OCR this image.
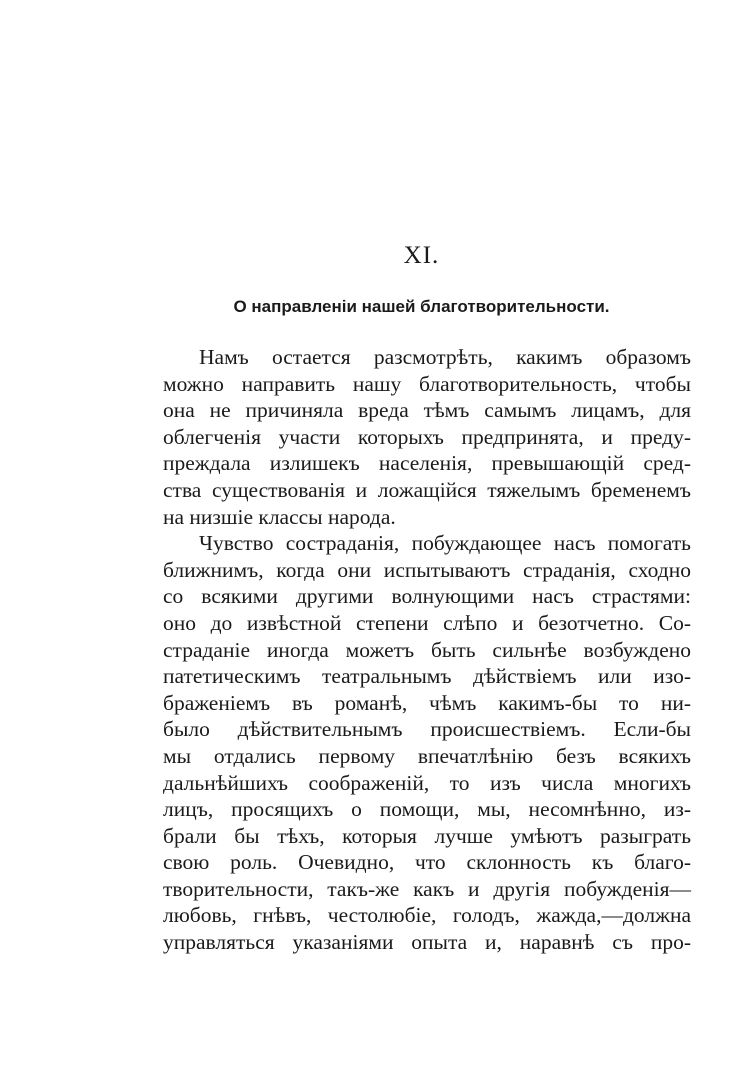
XI.
О направленіи нашей благотворительности.
Намъ остается разсмотрѣть, какимъ образомъ
можно направить нашу благотворительность, чтобы
она не причиняла вреда тѣмъ самымъ лицамъ, для
облегченія участи которыхъ предпринята, и преду-
преждала излишекъ населенія, превышающій сред-
ства существованія и ложащійся тяжелымъ бременемъ
на низшіе классы народа.
Чувство состраданія, побуждающее насъ помогать
ближнимъ, когда они испытываютъ страданія, сходно
со всякими другими волнующими насъ страстями:
оно до извѣстной степени слѣпо и безотчетно. Со-
страданіе иногда можетъ быть сильнѣе возбуждено
патетическимъ театральнымъ дѣйствіемъ или изо-
браженіемъ въ романѣ, чѣмъ какимъ-бы то ни-
было дѣйствительнымъ происшествіемъ. Если-бы
мы отдались первому впечатлѣнію безъ всякихъ
дальнѣйшихъ соображеній, то изъ числа многихъ
лицъ, просящихъ о помощи, мы, несомнѣнно, из-
брали бы тѣхъ, которыя лучше умѣютъ разыграть
свою роль. Очевидно, что склонность къ благо-
творительности, такъ-же какъ и другія побужденія—
любовь, гнѣвъ, честолюбіе, голодъ, жажда,—должна
управляться указаніями опыта и, наравнѣ съ про-
